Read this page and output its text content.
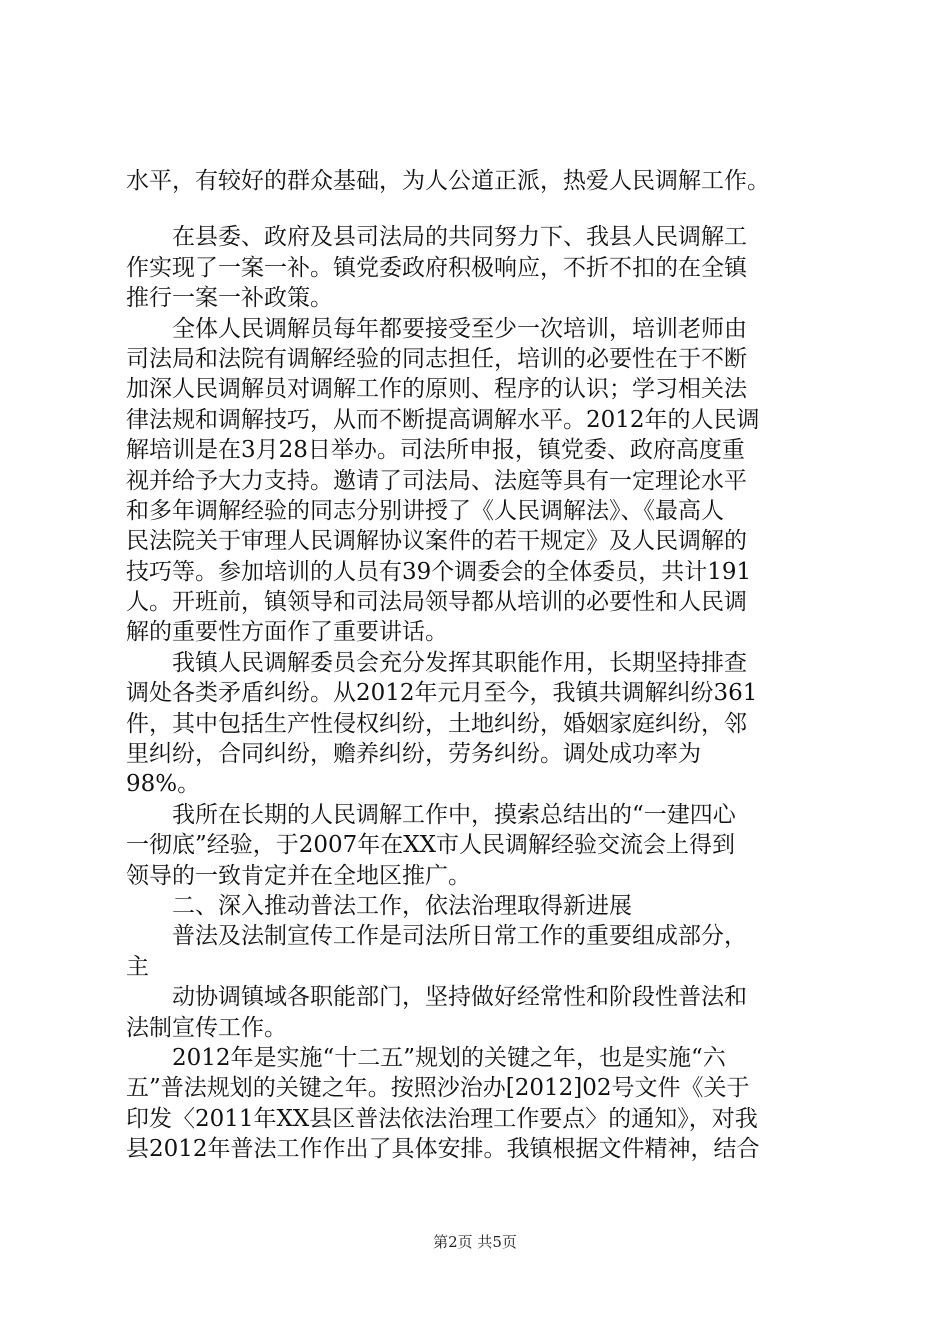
水平，有较好的群众基础，为人公道正派，热爱人民调解工作。
　　在县委、政府及县司法局的共同努力下、我县人民调解工
作实现了一案一补。镇党委政府积极响应，不折不扣的在全镇
推行一案一补政策。
　　全体人民调解员每年都要接受至少一次培训，培训老师由
司法局和法院有调解经验的同志担任，培训的必要性在于不断
加深人民调解员对调解工作的原则、程序的认识；学习相关法
律法规和调解技巧，从而不断提高调解水平。2012年的人民调
解培训是在3月28日举办。司法所申报，镇党委、政府高度重
视并给予大力支持。邀请了司法局、法庭等具有一定理论水平
和多年调解经验的同志分别讲授了《人民调解法》、《最高人
民法院关于审理人民调解协议案件的若干规定》及人民调解的
技巧等。参加培训的人员有39个调委会的全体委员，共计191
人。开班前，镇领导和司法局领导都从培训的必要性和人民调
解的重要性方面作了重要讲话。
　　我镇人民调解委员会充分发挥其职能作用，长期坚持排查
调处各类矛盾纠纷。从2012年元月至今，我镇共调解纠纷361
件，其中包括生产性侵权纠纷，土地纠纷，婚姻家庭纠纷，邻
里纠纷，合同纠纷，赡养纠纷，劳务纠纷。调处成功率为
98%。
　　我所在长期的人民调解工作中，摸索总结出的“一建四心
一彻底”经验，于2007年在XX市人民调解经验交流会上得到
领导的一致肯定并在全地区推广。
　　二、深入推动普法工作，依法治理取得新进展
　　普法及法制宣传工作是司法所日常工作的重要组成部分，
主
　　动协调镇域各职能部门，坚持做好经常性和阶段性普法和
法制宣传工作。
　　2012年是实施“十二五”规划的关键之年，也是实施“六
五”普法规划的关键之年。按照沙治办[2012]02号文件《关于
印发〈2011年XX县区普法依法治理工作要点〉的通知》，对我
县2012年普法工作作出了具体安排。我镇根据文件精神，结合
第2页 共5页
